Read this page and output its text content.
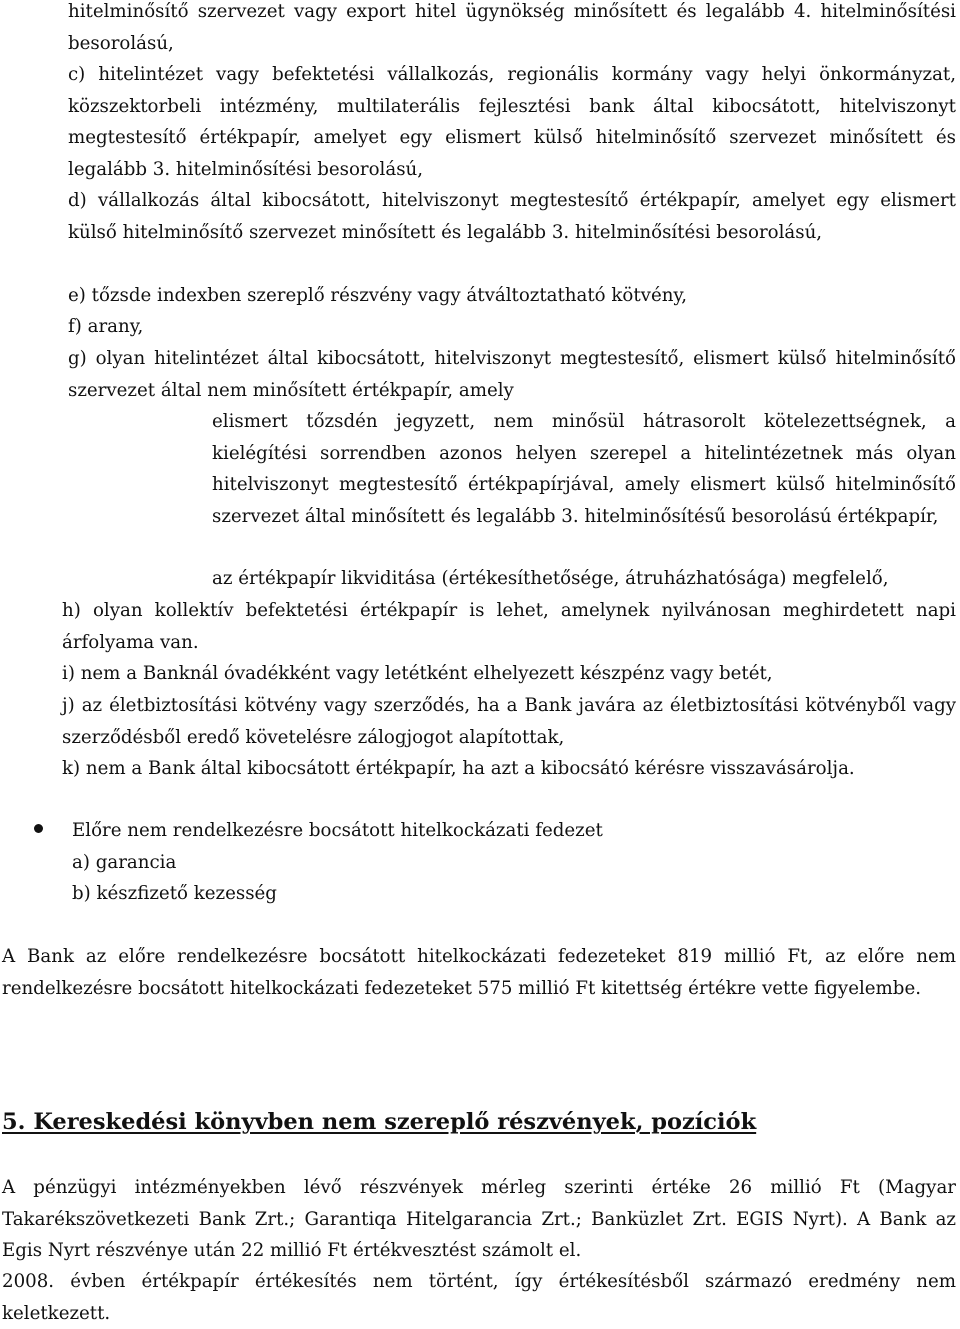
hitelminősítő szervezet vagy export hitel ügynökség minősített és legalább 4. hitelminősítési besorolású,

c) hitelintézet vagy befektetési vállalkozás, regionális kormány vagy helyi önkormányzat, közszektorbeli intézmény, multilaterális fejlesztési bank által kibocsátott, hitelviszonyt megtestesítő értékpapír, amelyet egy elismert külső hitelminősítő szervezet minősített és legalább 3. hitelminősítési besorolású,

d) vállalkozás által kibocsátott, hitelviszonyt megtestesítő értékpapír, amelyet egy elismert külső hitelminősítő szervezet minősített és legalább 3. hitelminősítési besorolású,

e) tőzsde indexben szereplő részvény vagy átváltoztatható kötvény,

f) arany,

g) olyan hitelintézet által kibocsátott, hitelviszonyt megtestesítő, elismert külső hitelminősítő szervezet által nem minősített értékpapír, amely

elismert tőzsdén jegyzett, nem minősül hátrasorolt kötelezettségnek, a kielégítési sorrendben azonos helyen szerepel a hitelintézetnek más olyan hitelviszonyt megtestesítő értékpapírjával, amely elismert külső hitelminősítő szervezet által minősített és legalább 3. hitelminősítésű besorolású értékpapír,

az értékpapír likviditása (értékesíthetősége, átruházhatósága) megfelelő,

h) olyan kollektív befektetési értékpapír is lehet, amelynek nyilvánosan meghirdetett napi árfolyama van.

i) nem a Banknál óvadékként vagy letétként elhelyezett készpénz vagy betét,

j) az életbiztosítási kötvény vagy szerződés, ha a Bank javára az életbiztosítási kötvényből vagy szerződésből eredő követelésre zálogjogot alapítottak,

k) nem a Bank által kibocsátott értékpapír, ha azt a kibocsátó kérésre visszavásárolja.

Előre nem rendelkezésre bocsátott hitelkockázati fedezet

a) garancia

b) készfizető kezesség

A Bank az előre rendelkezésre bocsátott hitelkockázati fedezeteket 819 millió Ft, az előre nem rendelkezésre bocsátott hitelkockázati fedezeteket 575 millió Ft kitettség értékre vette figyelembe.

5. Kereskedési könyvben nem szereplő részvények, pozíciók

A pénzügyi intézményekben lévő részvények mérleg szerinti értéke 26 millió Ft (Magyar Takarékszövetkezeti Bank Zrt.; Garantiqa Hitelgarancia Zrt.; Banküzlet Zrt. EGIS Nyrt). A Bank az Egis Nyrt részvénye után 22 millió Ft értékvesztést számolt el.

2008. évben értékpapír értékesítés nem történt, így értékesítésből származó eredmény nem keletkezett.
